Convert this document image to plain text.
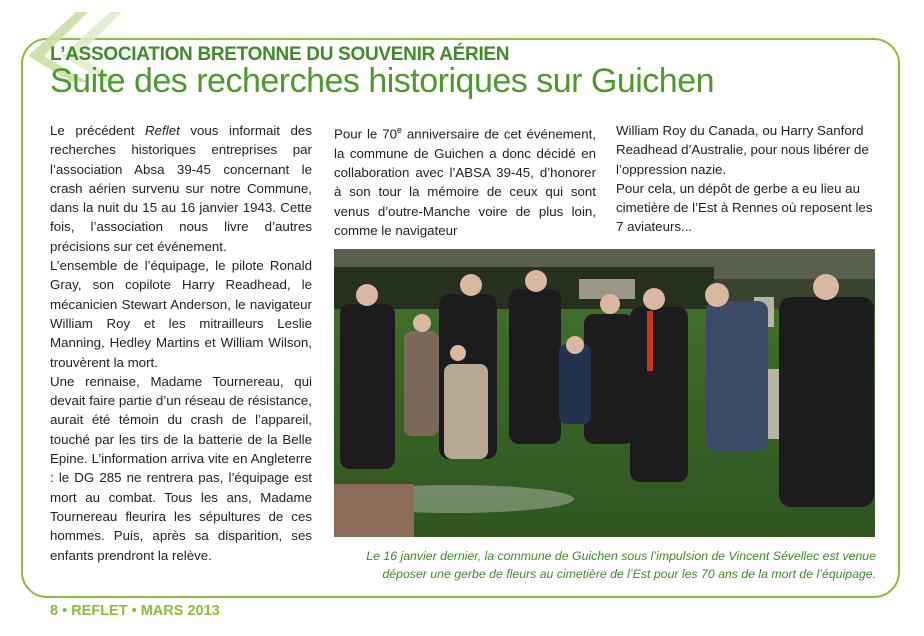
L’ASSOCIATION BRETONNE DU SOUVENIR AÉRIEN
Suite des recherches historiques sur Guichen

Le précédent Reflet vous informait des recherches historiques entreprises par l’association Absa 39-45 concernant le crash aérien survenu sur notre Commune, dans la nuit du 15 au 16 janvier 1943. Cette fois, l’association nous livre d’autres précisions sur cet événement.

L’ensemble de l’équipage, le pilote Ronald Gray, son copilote Harry Readhead, le mécanicien Stewart Anderson, le navigateur William Roy et les mitrailleurs Leslie Manning, Hedley Martins et William Wilson, trouvèrent la mort.

Une rennaise, Madame Tournereau, qui devait faire partie d’un réseau de résistance, aurait été témoin du crash de l’appareil, touché par les tirs de la batterie de la Belle Epine. L’information arriva vite en Angleterre : le DG 285 ne rentrera pas, l’équipage est mort au combat. Tous les ans, Madame Tournereau fleurira les sépultures de ces hommes. Puis, après sa disparition, ses enfants prendront la relève.

Pour le 70e anniversaire de cet événement, la commune de Guichen a donc décidé en collaboration avec l’ABSA 39-45, d’honorer à son tour la mémoire de ceux qui sont venus d’outre-Manche voire de plus loin, comme le navigateur

William Roy du Canada, ou Harry Sanford Readhead d’Australie, pour nous libérer de l’oppression nazie.

Pour cela, un dépôt de gerbe a eu lieu au cimetière de l’Est à Rennes où reposent les 7 aviateurs...

Le 16 janvier dernier, la commune de Guichen sous l’impulsion de Vincent Sévellec est venue déposer une gerbe de fleurs au cimetière de l’Est pour les 70 ans de la mort de l’équipage.
8 • REFLET • MARS 2013
